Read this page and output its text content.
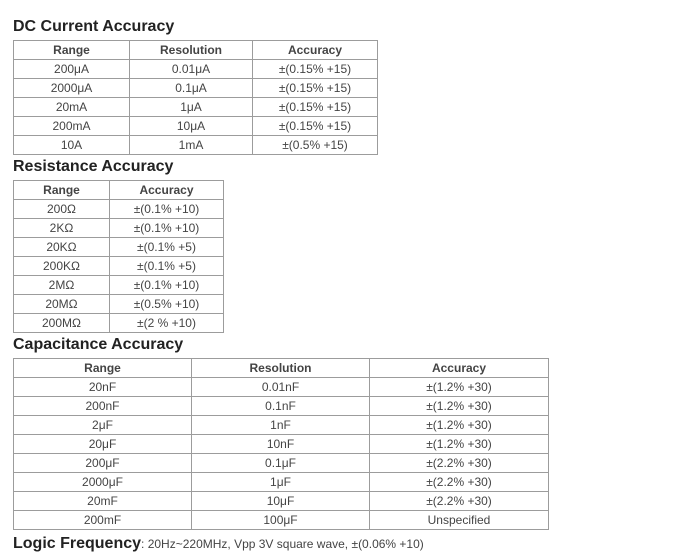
DC Current Accuracy
Range	Resolution	Accuracy
200μA	0.01μA	±(0.15% +15)
2000μA	0.1μA	±(0.15% +15)
20mA	1μA	±(0.15% +15)
200mA	10μA	±(0.15% +15)
10A	1mA	±(0.5% +15)
Resistance Accuracy
Range	Accuracy
200Ω	±(0.1% +10)
2KΩ	±(0.1% +10)
20KΩ	±(0.1% +5)
200KΩ	±(0.1% +5)
2MΩ	±(0.1% +10)
20MΩ	±(0.5% +10)
200MΩ	±(2 % +10)
Capacitance Accuracy
Range	Resolution	Accuracy
20nF	0.01nF	±(1.2% +30)
200nF	0.1nF	±(1.2% +30)
2μF	1nF	±(1.2% +30)
20μF	10nF	±(1.2% +30)
200μF	0.1μF	±(2.2% +30)
2000μF	1μF	±(2.2% +30)
20mF	10μF	±(2.2% +30)
200mF	100μF	Unspecified

Logic Frequency: 20Hz~220MHz, Vpp 3V square wave, ±(0.06% +10)
